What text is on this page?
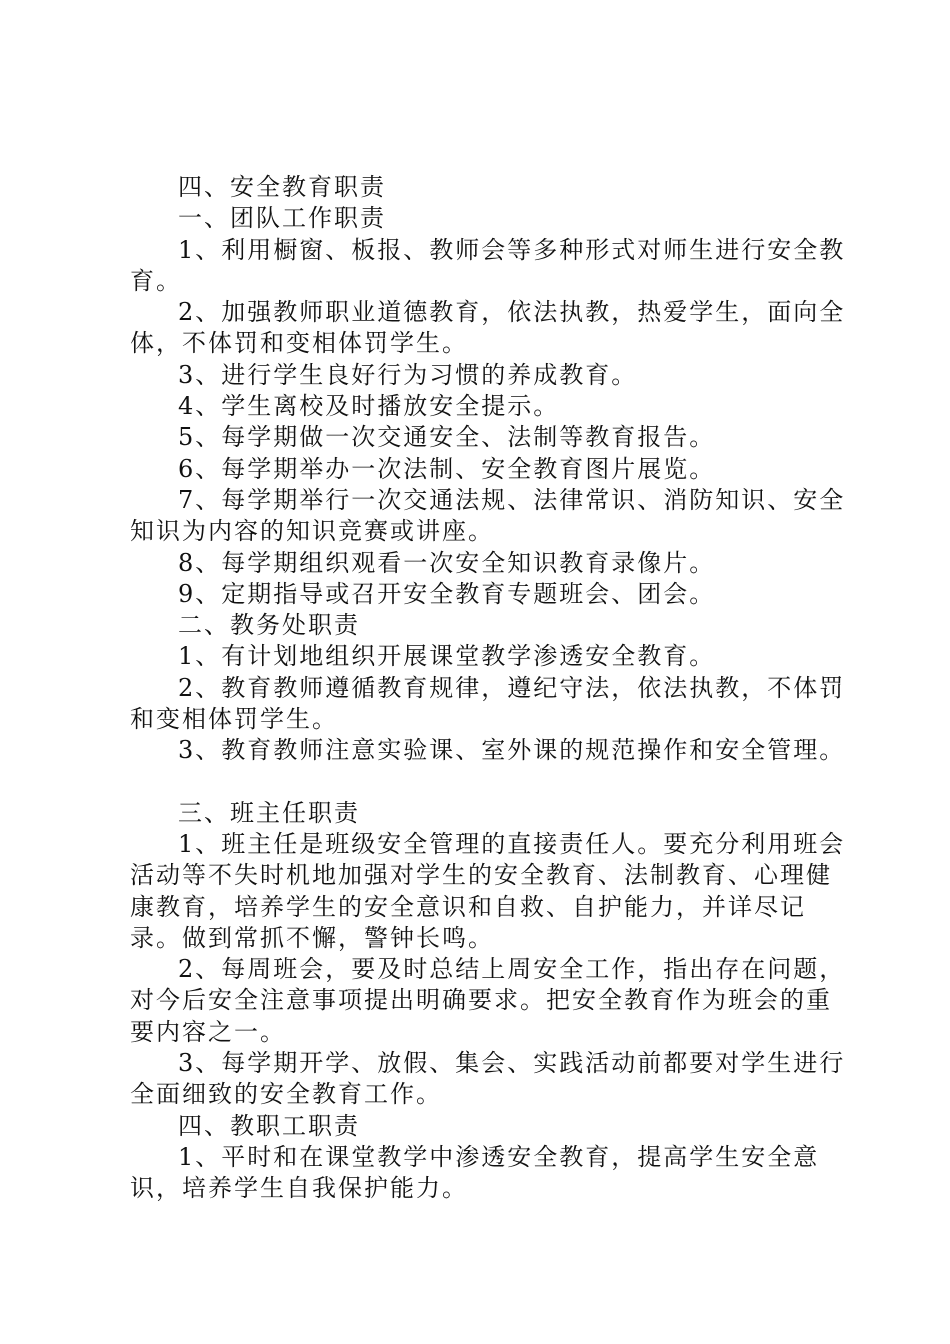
四、安全教育职责

一、团队工作职责

1、利用橱窗、板报、教师会等多种形式对师生进行安全教育。

2、加强教师职业道德教育，依法执教，热爱学生，面向全体，不体罚和变相体罚学生。

3、进行学生良好行为习惯的养成教育。

4、学生离校及时播放安全提示。

5、每学期做一次交通安全、法制等教育报告。

6、每学期举办一次法制、安全教育图片展览。

7、每学期举行一次交通法规、法律常识、消防知识、安全知识为内容的知识竞赛或讲座。

8、每学期组织观看一次安全知识教育录像片。

9、定期指导或召开安全教育专题班会、团会。

二、教务处职责

1、有计划地组织开展课堂教学渗透安全教育。

2、教育教师遵循教育规律，遵纪守法，依法执教，不体罚和变相体罚学生。

3、教育教师注意实验课、室外课的规范操作和安全管理。

三、班主任职责

1、班主任是班级安全管理的直接责任人。要充分利用班会活动等不失时机地加强对学生的安全教育、法制教育、心理健康教育，培养学生的安全意识和自救、自护能力，并详尽记录。做到常抓不懈，警钟长鸣。

2、每周班会，要及时总结上周安全工作，指出存在问题，对今后安全注意事项提出明确要求。把安全教育作为班会的重要内容之一。

3、每学期开学、放假、集会、实践活动前都要对学生进行全面细致的安全教育工作。

四、教职工职责

1、平时和在课堂教学中渗透安全教育，提高学生安全意识，培养学生自我保护能力。
